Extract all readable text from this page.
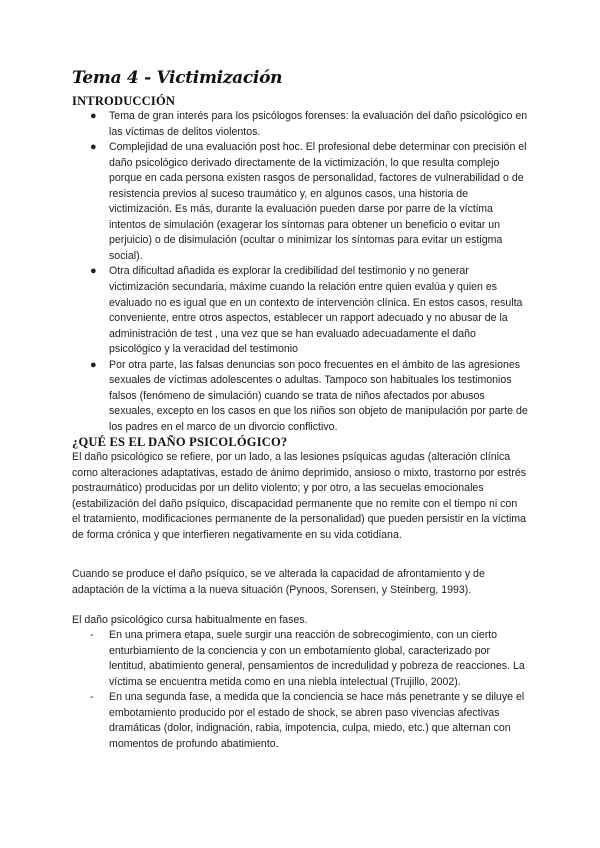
Tema 4 - Victimización
INTRODUCCIÓN
● Tema de gran interés para los psicólogos forenses: la evaluación del daño psicológico en las víctimas de delitos violentos.
● Complejidad de una evaluación post hoc. El profesional debe determinar con precisión el daño psicológico derivado directamente de la victimización, lo que resulta complejo porque en cada persona existen rasgos de personalidad, factores de vulnerabilidad o de resistencia previos al suceso traumático y, en algunos casos, una historia de victimización. Es más, durante la evaluación pueden darse por parre de la víctima intentos de simulación (exagerar los síntomas para obtener un beneficio o evitar un perjuicio) o de disimulación (ocultar o minimizar los síntomas para evitar un estigma social).
● Otra dificultad añadida es explorar la credibilidad del testimonio y no generar victimización secundaria, máxime cuando la relación entre quien evalúa y quien es evaluado no es igual que en un contexto de intervención clínica. En estos casos, resulta conveniente, entre otros aspectos, establecer un rapport adecuado y no abusar de la administración de test , una vez que se han evaluado adecuadamente el daño psicológico y la veracidad del testimonio
● Por otra parte, las falsas denuncias son poco frecuentes en el ámbito de las agresiones sexuales de víctimas adolescentes o adultas. Tampoco son habituales los testimonios falsos (fenómeno de simulación) cuando se trata de niños afectados por abusos sexuales, excepto en los casos en que los niños son objeto de manipulación por parte de los padres en el marco de un divorcio conflictivo.
¿QUÉ ES EL DAÑO PSICOLÓGICO?

El daño psicológico se refiere, por un lado, a las lesiones psíquicas agudas (alteración clínica como alteraciones adaptativas, estado de ánimo deprimido, ansioso o mixto, trastorno por estrés postraumático) producidas por un delito violento; y por otro, a las secuelas emocionales (estabilización del daño psíquico, discapacidad permanente que no remite con el tiempo ni con el tratamiento, modificaciones permanente de la personalidad) que pueden persistir en la víctima de forma crónica y que interfieren negativamente en su vida cotidiana.

Cuando se produce el daño psíquico, se ve alterada la capacidad de afrontamiento y de adaptación de la víctima a la nueva situación (Pynoos, Sorensen, y Steinberg, 1993).

El daño psicológico cursa habitualmente en fases.

- En una primera etapa, suele surgir una reacción de sobrecogimiento, con un cierto enturbiamiento de la conciencia y con un embotamiento global, caracterizado por lentitud, abatimiento general, pensamientos de incredulidad y pobreza de reacciones. La víctima se encuentra metida como en una niebla intelectual (Trujillo, 2002).
- En una segunda fase, a medida que la conciencia se hace más penetrante y se diluye el embotamiento producido por el estado de shock, se abren paso vivencias afectivas dramáticas (dolor, indignación, rabia, impotencia, culpa, miedo, etc.) que alternan con momentos de profundo abatimiento.
